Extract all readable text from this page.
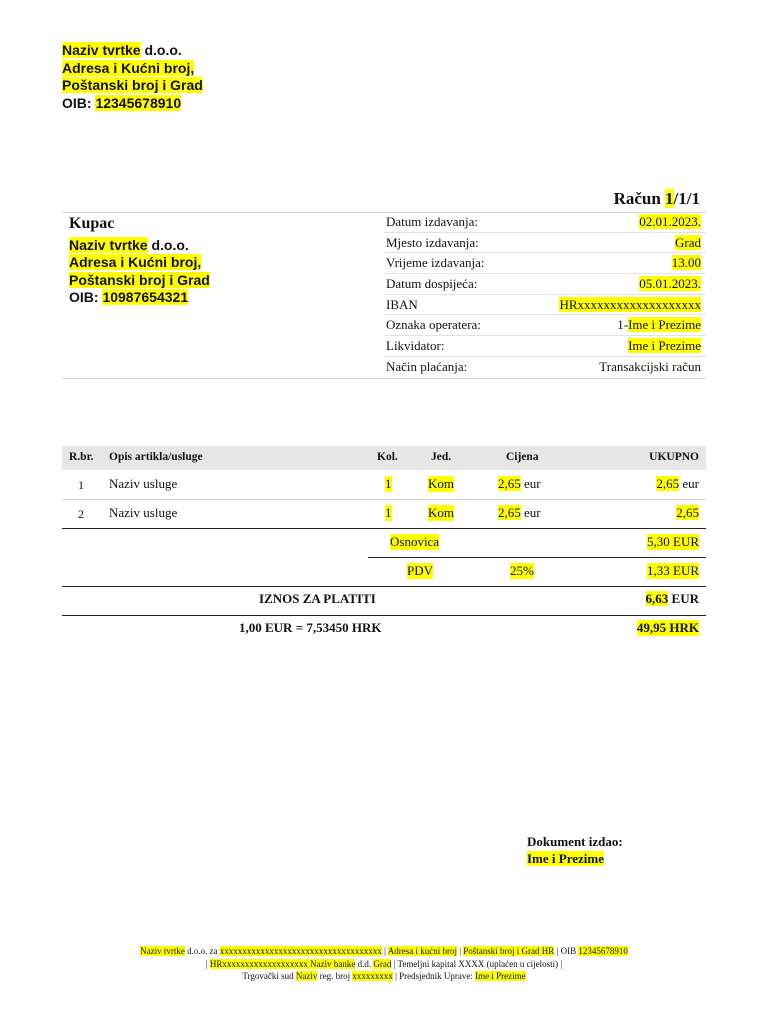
Naziv tvrtke d.o.o.
Adresa i Kućni broj,
Poštanski broj i Grad
OIB: 12345678910
Račun 1/1/1
Kupac
Naziv tvrtke d.o.o.
Adresa i Kućni broj,
Poštanski broj i Grad
OIB: 10987654321
Datum izdavanja:	02.01.2023.
Mjesto izdavanja:	Grad
Vrijeme izdavanja:	13.00
Datum dospijeća:	05.01.2023.
IBAN	HRxxxxxxxxxxxxxxxxxxx
Oznaka operatera:	1-Ime i Prezime
Likvidator:	Ime i Prezime
Način plaćanja:	Transakcijski račun
R.br. Opis artikla/usluge	Kol.	Jed.	Cijena	UKUPNO
1 Naziv usluge	1	Kom	2,65 eur	2,65 eur
2 Naziv usluge	1	Kom	2,65 eur	2,65
Osnovica	5,30 EUR
PDV	25%	1,33 EUR
IZNOS ZA PLATITI	6,63 EUR
1,00 EUR = 7,53450 HRK	49,95 HRK
Dokument izdao:
Ime i Prezime
Naziv tvrtke d.o.o. za xxxxxxxxxxxxxxxxxxxxxxxxxxxxxxxxxxxx | Adresa i kućni broj | Poštanski broj i Grad HR | OIB 12345678910
| HRxxxxxxxxxxxxxxxxxxx Naziv banke d.d. Grad | Temeljni kapital XXXX (uplaćen u cijelosti) |
Trgovački sud Naziv reg. broj xxxxxxxxx | Predsjednik Uprave: Ime i Prezime
